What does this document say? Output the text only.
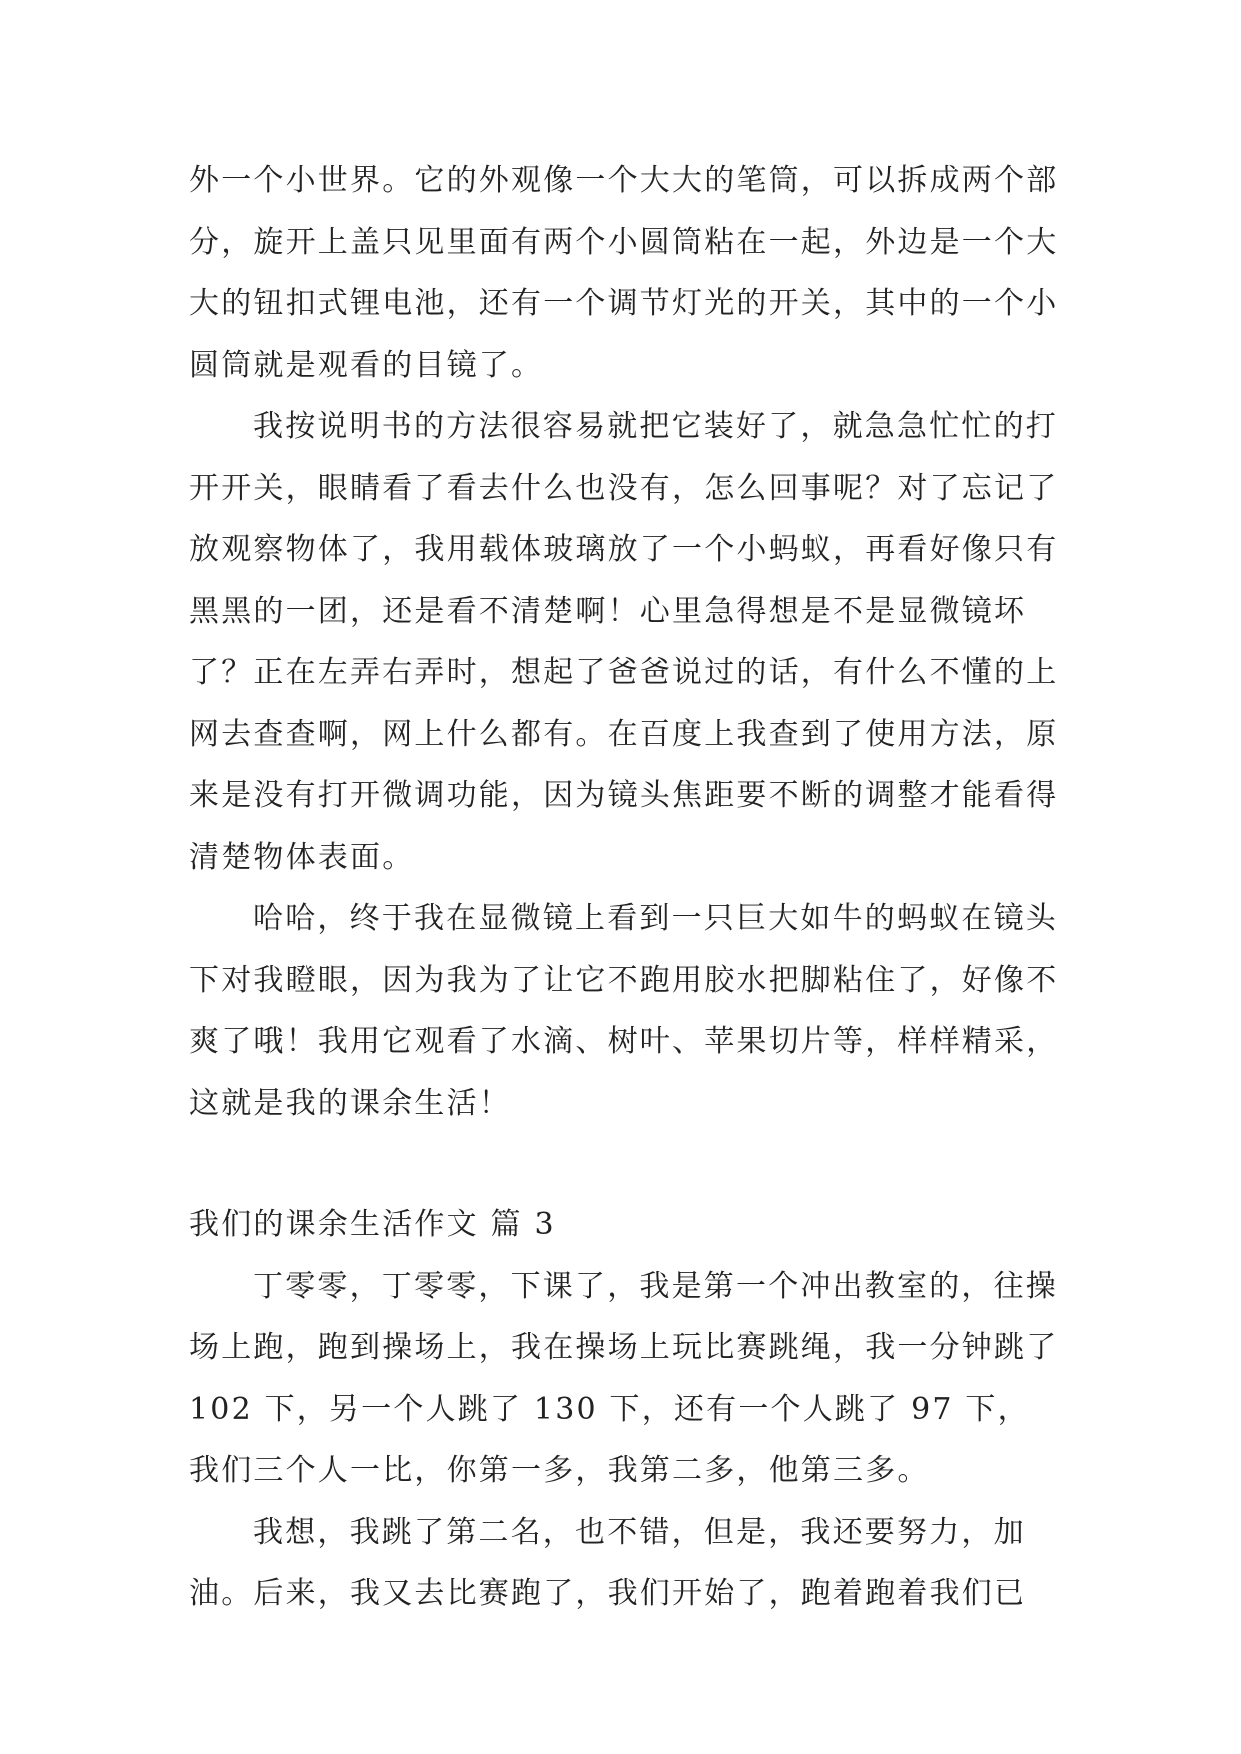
外一个小世界。它的外观像一个大大的笔筒，可以拆成两个部分，旋开上盖只见里面有两个小圆筒粘在一起，外边是一个大大的钮扣式锂电池，还有一个调节灯光的开关，其中的一个小圆筒就是观看的目镜了。

我按说明书的方法很容易就把它装好了，就急急忙忙的打开开关，眼睛看了看去什么也没有，怎么回事呢？对了忘记了放观察物体了，我用载体玻璃放了一个小蚂蚁，再看好像只有黑黑的一团，还是看不清楚啊！心里急得想是不是显微镜坏了？正在左弄右弄时，想起了爸爸说过的话，有什么不懂的上网去查查啊，网上什么都有。在百度上我查到了使用方法，原来是没有打开微调功能，因为镜头焦距要不断的调整才能看得清楚物体表面。

哈哈，终于我在显微镜上看到一只巨大如牛的蚂蚁在镜头下对我瞪眼，因为我为了让它不跑用胶水把脚粘住了，好像不爽了哦！我用它观看了水滴、树叶、苹果切片等，样样精采，这就是我的课余生活！

我们的课余生活作文 篇 3

丁零零，丁零零，下课了，我是第一个冲出教室的，往操场上跑，跑到操场上，我在操场上玩比赛跳绳，我一分钟跳了 102 下，另一个人跳了 130 下，还有一个人跳了 97 下，我们三个人一比，你第一多，我第二多，他第三多。

我想，我跳了第二名，也不错，但是，我还要努力，加油。后来，我又去比赛跑了，我们开始了，跑着跑着我们已
